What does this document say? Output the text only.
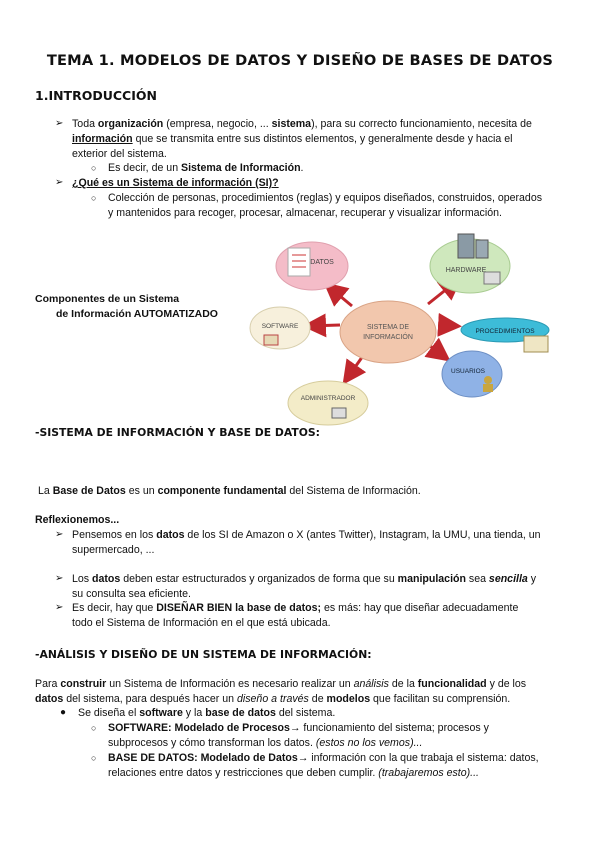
TEMA 1. MODELOS DE DATOS Y DISEÑO DE BASES DE DATOS
1.INTRODUCCIÓN
➢ Toda organización (empresa, negocio, ... sistema), para su correcto funcionamiento, necesita de
información que se transmita entre sus distintos elementos, y generalmente desde y hacia el
exterior del sistema.
○ Es decir, de un Sistema de Información.
➢ ¿Qué es un Sistema de información (SI)?
○ Colección de personas, procedimientos (reglas) y equipos diseñados, construidos, operados
y mantenidos para recoger, procesar, almacenar, recuperar y visualizar información.
Componentes de un Sistema
de Información AUTOMATIZADO
SISTEMA DE
INFORMACIÓN
DATOS
HARDWARE
SOFTWARE
PROCEDIMIENTOS
USUARIOS
ADMINISTRADOR
-SISTEMA DE INFORMACIÓN Y BASE DE DATOS:
La Base de Datos es un componente fundamental del Sistema de Información.
Reflexionemos...
➢ Pensemos en los datos de los SI de Amazon o X (antes Twitter), Instagram, la UMU, una tienda, un
supermercado, ...
➢ Los datos deben estar estructurados y organizados de forma que su manipulación sea sencilla y
su consulta sea eficiente.
➢ Es decir, hay que DISEÑAR BIEN la base de datos; es más: hay que diseñar adecuadamente
todo el Sistema de Información en el que está ubicada.
-ANÁLISIS Y DISEÑO DE UN SISTEMA DE INFORMACIÓN:
Para construir un Sistema de Información es necesario realizar un análisis de la funcionalidad y de los
datos del sistema, para después hacer un diseño a través de modelos que facilitan su comprensión.
● Se diseña el software y la base de datos del sistema.
○ SOFTWARE: Modelado de Procesos→ funcionamiento del sistema; procesos y
subprocesos y cómo transforman los datos. (estos no los vemos)...
○ BASE DE DATOS: Modelado de Datos→ información con la que trabaja el sistema: datos,
relaciones entre datos y restricciones que deben cumplir. (trabajaremos esto)...
